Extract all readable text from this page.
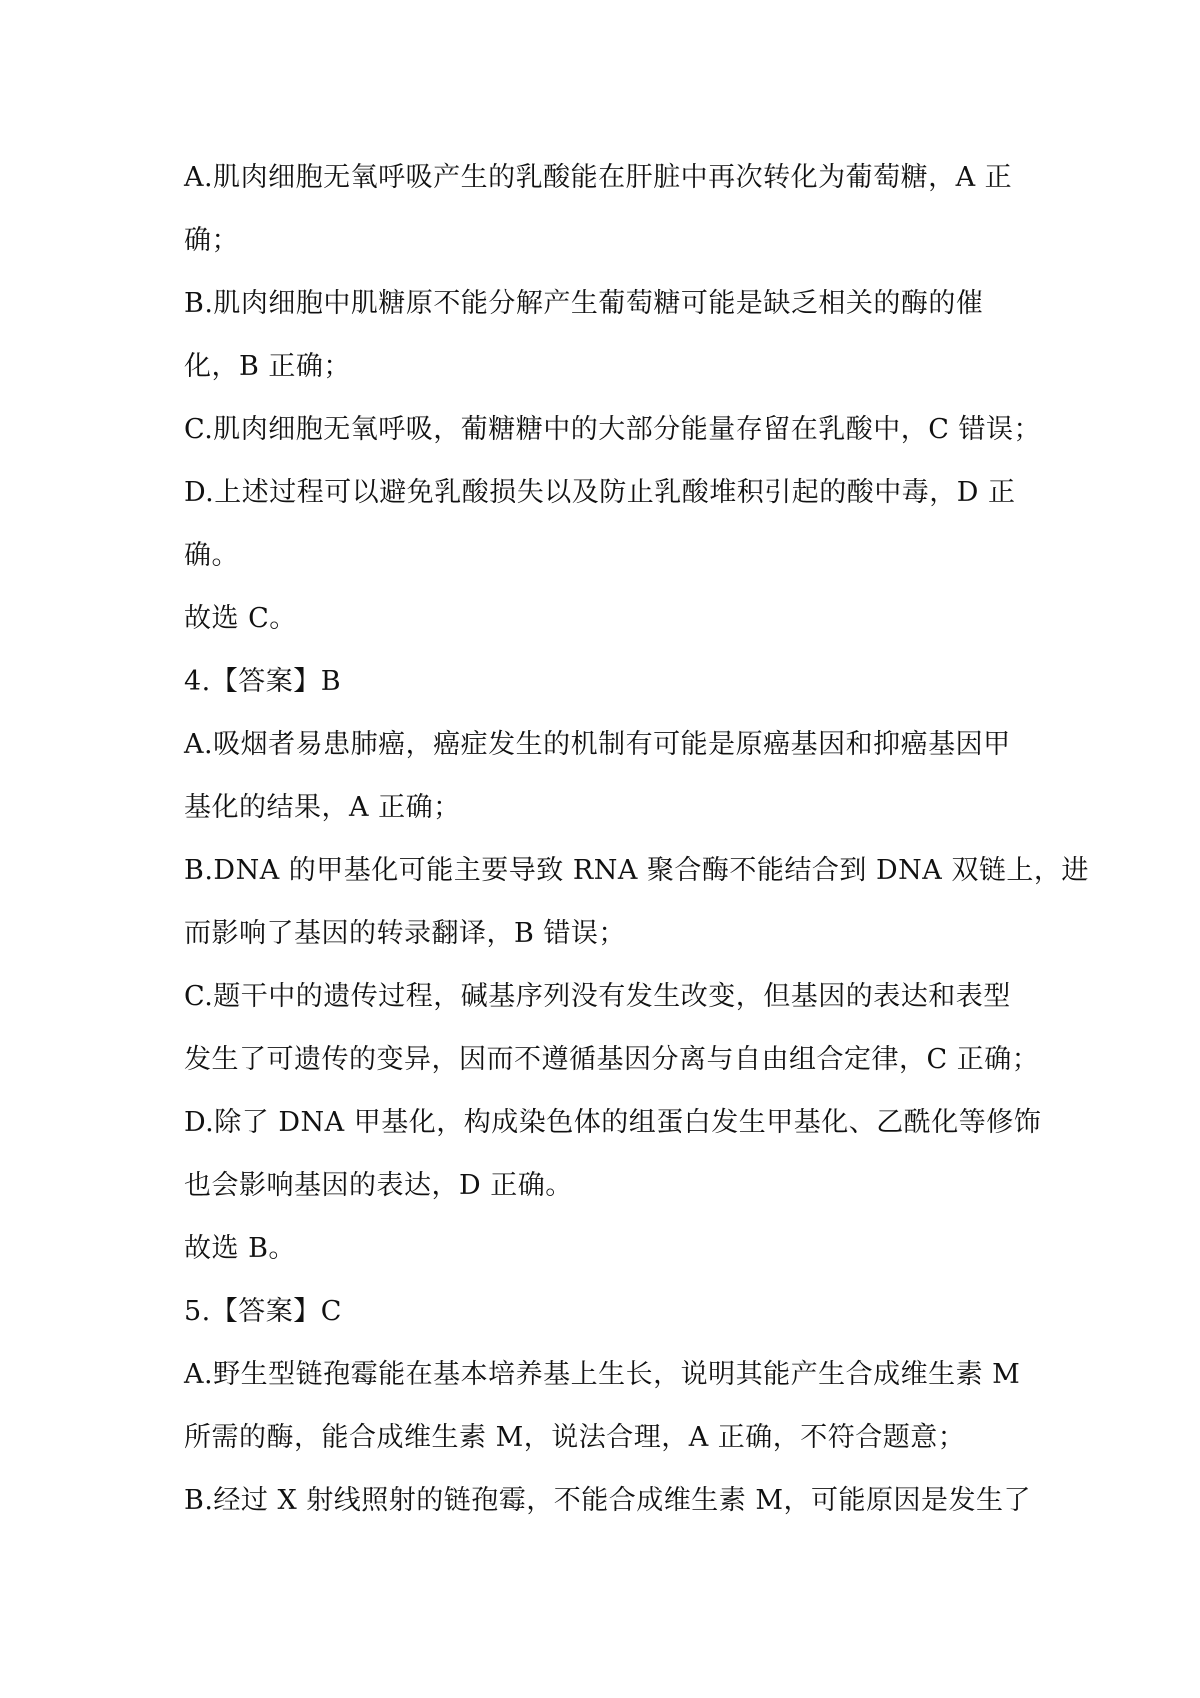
A.肌肉细胞无氧呼吸产生的乳酸能在肝脏中再次转化为葡萄糖，A 正
确；
B.肌肉细胞中肌糖原不能分解产生葡萄糖可能是缺乏相关的酶的催
化，B 正确；
C.肌肉细胞无氧呼吸，葡糖糖中的大部分能量存留在乳酸中，C 错误；
D.上述过程可以避免乳酸损失以及防止乳酸堆积引起的酸中毒，D 正
确。
故选 C。
4.【答案】B
A.吸烟者易患肺癌，癌症发生的机制有可能是原癌基因和抑癌基因甲
基化的结果，A 正确；
B.DNA 的甲基化可能主要导致 RNA 聚合酶不能结合到 DNA 双链上，进
而影响了基因的转录翻译，B 错误；
C.题干中的遗传过程，碱基序列没有发生改变，但基因的表达和表型
发生了可遗传的变异，因而不遵循基因分离与自由组合定律，C 正确；
D.除了 DNA 甲基化，构成染色体的组蛋白发生甲基化、乙酰化等修饰
也会影响基因的表达，D 正确。
故选 B。
5.【答案】C
A.野生型链孢霉能在基本培养基上生长，说明其能产生合成维生素 M
所需的酶，能合成维生素 M，说法合理，A 正确，不符合题意；
B.经过 X 射线照射的链孢霉，不能合成维生素 M，可能原因是发生了
